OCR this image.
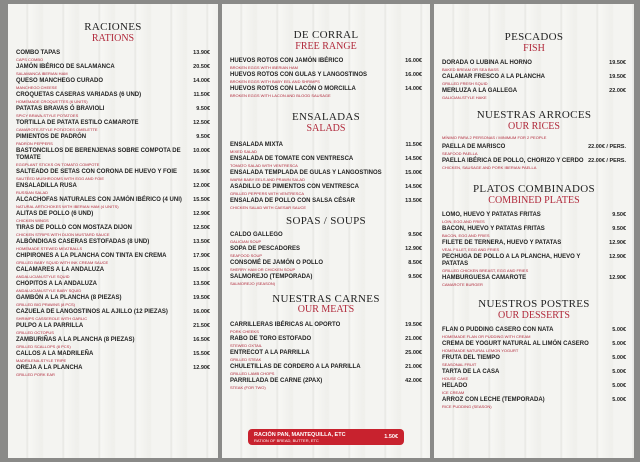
RACIONES
RATIONS
COMBO TAPAS
CAPS COMBO
13.90€
JAMÓN IBÉRICO DE SALAMANCA
SALAMANCA IBERIAN HAM
20.50€
QUESO MANCHEGO CURADO
MANCHEGO CHEESE
14.00€
CROQUETAS CASERAS VARIADAS (6 UND)
HOMEMADE CROQUETTES (6 UNITS)
11.50€
PATATAS BRAVAS Ó BRAVIOLI
SPICY BRAVA-STYLE POTATOES
9.50€
TORTILLA DE PATATA ESTILO CAMAROTE
CAMAROTE-STYLE POTATOES OMELETTE
12.50€
PIMIENTOS DE PADRÓN
PADRON PEPPERS
9.50€
BASTONCILLOS DE BERENJENAS SOBRE COMPOTA DE TOMATE
EGGPLANT STICKS ON TOMATO COMPOTE
10.00€
SALTEADO DE SETAS CON CORONA DE HUEVO Y FOIE
SAUTÉED MUSHROOMS WITH EGG AND FOIE
16.90€
ENSALADILLA RUSA
RUSSIAN SALAD
12.00€
ALCACHOFAS NATURALES CON JAMÓN IBÉRICO (4 UNI)
NATURAL ARTICHOKES WITH IBERIAN HAM (4 UNITS)
15.50€
ALITAS DE POLLO (6 UND)
CHICKEN WINGS
12.90€
TIRAS DE POLLO CON MOSTAZA DIJON
CHICKEN STRIPS WITH DIJON MUSTARD SAUCE
12.50€
ALBÓNDIGAS CASERAS ESTOFADAS (8 UND)
HOMEMADE STEWED MEATBALLS
13.50€
CHIPIRONES A LA PLANCHA CON TINTA EN CREMA
GRILLED BABY SQUID WITH INK CREAM SAUCE
17.90€
CALAMARES A LA ANDALUZA
ANDALUCIAN-STYLE SQUID
15.00€
CHOPITOS A LA ANDALUZA
ANDALUCIAN-STYLE BABY SQUID
13.50€
GAMBÓN A LA PLANCHA (8 PIEZAS)
GRILLED BIG PRAWNS (8 PCS)
19.50€
CAZUELA DE LANGOSTINOS AL AJILLO (12 PIEZAS)
SHRIMPS CASSEROLE WITH GARLIC
16.00€
PULPO A LA PARRILLA
GRILLED OCTOPUS
21.50€
ZAMBURIÑAS A LA PLANCHA (8 PIEZAS)
GRILLED SCALLOPS (8 PCS)
16.50€
CALLOS A LA MADRILEÑA
MADRILENA-STYLE TRIPE
15.50€
OREJA A LA PLANCHA
GRILLED PORK EAR
12.90€
DE CORRAL
FREE RANGE
HUEVOS ROTOS CON JAMÓN IBÉRICO
BROKEN EGGS WITH IBERIAN HAM
16.00€
HUEVOS ROTOS CON GULAS Y LANGOSTINOS
BROKEN EGGS WITH BABY EEL AND SHRIMPS
16.00€
HUEVOS ROTOS CON LACÓN O MORCILLA
BROKEN EGGS WITH LACON AND BLOOD SAUSAGE
14.00€
ENSALADAS
SALADS
ENSALADA MIXTA
MIXED SALAD
11.50€
ENSALADA DE TOMATE CON VENTRESCA
TOMATO SALAD WITH VENTRESCA
14.50€
ENSALADA TEMPLADA DE GULAS Y LANGOSTINOS
WARM BABY EELS AND PRAWN SALAD
15.00€
ASADILLO DE PIMIENTOS CON VENTRESCA
GRILLED PEPPERS WITH VENTRESCA
14.50€
ENSALADA DE POLLO CON SALSA CÉSAR
CHICKEN SALAD WITH CAESAR SAUCE
13.50€
SOPAS / SOUPS
CALDO GALLEGO
GALICIAN SOUP
9.50€
SOPA DE PESCADORES
SEAFOOD SOUP
12.90€
CONSOMÉ DE JAMÓN O POLLO
SHERRY HAM OR CHICKEN SOUP
8.50€
SALMOREJO (TEMPORADA)
SALMOREJO (SEASON)
9.50€
NUESTRAS CARNES
OUR MEATS
CARRILLERAS IBÉRICAS AL OPORTO
PORK CHEEKS
19.50€
RABO DE TORO ESTOFADO
STEWED OXTAIL
21.00€
ENTRECOT A LA PARRILLA
GRILLED STEAK
25.00€
CHULETILLAS DE CORDERO A LA PARRILLA
GRILLED LAMB CHOPS
21.00€
PARRILLADA DE CARNE (2PAX)
STEAK (FOR TWO)
42.00€
RACIÓN PAN, MANTEQUILLA, ETC
RATION OF BREAD, BUTTER, ETC	1.50€
PESCADOS
FISH
DORADA O LUBINA AL HORNO
BAKED BREAM OR SEA BASS
19.50€
CALAMAR FRESCO A LA PLANCHA
GRILLED FRESH SQUID
19.50€
MERLUZA A LA GALLEGA
GALICIAN-STYLE HAKE
22.00€
NUESTRAS ARROCES
OUR RICES
MÍNIMO PARA 2 PERSONAS / MINIMUM FOR 2 PEOPLE
PAELLA DE MARISCO
SEAFOOD PAELLA
22.00€ / PERS.
PAELLA IBÉRICA DE POLLO, CHORIZO Y CERDO
CHICKEN, SAUSAGE AND PORK IBERIAN PAELLA
22.00€ / PERS.
PLATOS COMBINADOS
COMBINED PLATES
LOMO, HUEVO Y PATATAS FRITAS
LOIN, EGG AND FRIES
9.50€
BACON, HUEVO Y PATATAS FRITAS
BACON, EGG AND FRIES
9.50€
FILETE DE TERNERA, HUEVO Y PATATAS
VEAL FILLET, EGG AND FRIES
12.90€
PECHUGA DE POLLO A LA PLANCHA, HUEVO Y PATATAS
GRILLED CHICKEN BREAST, EGG AND FRIES
12.90€
HAMBURGUESA CAMAROTE
CAMAROTE BURGER
12.90€
NUESTROS POSTRES
OUR DESSERTS
FLAN O PUDDING CASERO CON NATA
HOMEMADE FLAN OR PUDDING WITH CREAM
5.00€
CREMA DE YOGURT NATURAL AL LIMÓN CASERO
HOMEMADE NATURAL LEMON YOGURT
5.00€
FRUTA DEL TIEMPO
SEASONAL FRUIT
5.00€
TARTA DE LA CASA
HOUSE CAKE
5.00€
HELADO
ICE CREAM
5.00€
ARROZ CON LECHE (TEMPORADA)
RICE PUDDING (SEASON)
5.00€
